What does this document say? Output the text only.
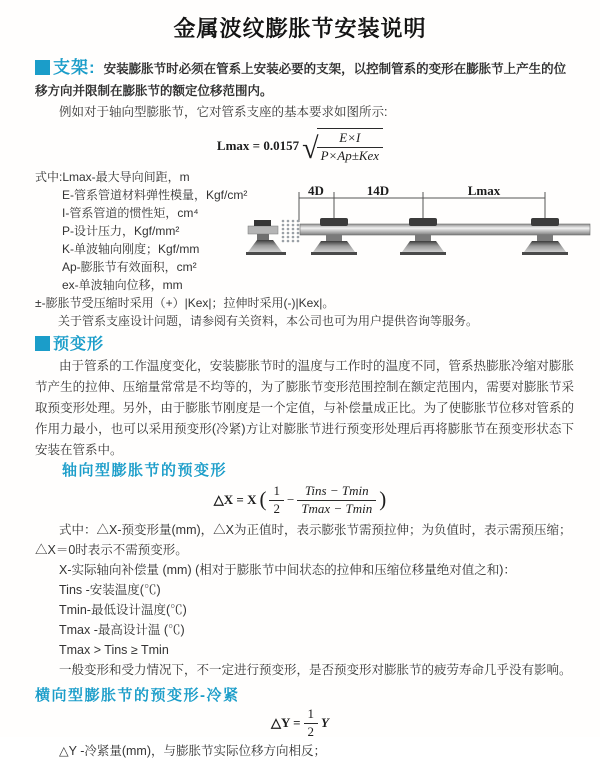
金属波纹膨胀节安装说明

支架: 安装膨胀节时必须在管系上安装必要的支架，以控制管系的变形在膨胀节上产生的位移方向并限制在膨胀节的额定位移范围内。

例如对于轴向型膨胀节，它对管系支座的基本要求如图所示:

Lmax = 0.0157 √
$\frac{E\times I}{\text{P×Ap±Kex}}$

式中:Lmax-最大导向间距，m

E-管系管道材料弹性模量，Kgf/cm²

I-管系管道的惯性矩，cm⁴

P-设计压力，Kgf/mm²

K-单波轴向刚度；Kgf/mm

Ap-膨胀节有效面积，cm²

ex-单波轴向位移，mm

4D	14D	Lmax

±-膨胀节受压缩时采用（+）|Kex|；拉伸时采用(-)|Kex|。

关于管系支座设计问题，请参阅有关资料，本公司也可为用户提供咨询等服务。

预变形

由于管系的工作温度变化，安装膨胀节时的温度与工作时的温度不同，管系热膨胀冷缩对膨胀节产生的拉伸、压缩量常常是不均等的，为了膨胀节变形范围控制在额定范围内，需要对膨胀节采取预变形处理。另外，由于膨胀节刚度是一个定值，与补偿量成正比。为了使膨胀节位移对管系的作用力最小，也可以采用预变形(冷紧)方让对膨胀节进行预变形处理后再将膨胀节在预变形状态下安装在管系中。

轴向型膨胀节的预变形

△X = X ( $\frac{1}{2} - \frac{\text{Tins − Tmin}}{Tmax - Tmin}$ )

式中：△X-预变形量(mm)，△X为正值时，表示膨张节需预拉伸；为负值时，表示需预压缩；△X＝0时表示不需预变形。

X-实际轴向补偿量 (mm) (相对于膨胀节中间状态的拉伸和压缩位移量绝对值之和)：

Tins -安装温度(℃)

Tmin-最低设计温度(℃)

Tmax -最高设计温 (℃)

Tmax > Tins ≥ Tmin

一般变形和受力情况下，不一定进行预变形，是否预变形对膨胀节的疲劳寿命几乎没有影响。

横向型膨胀节的预变形-冷紧

△Y = $\frac{1}{2}$ Y

△Y -冷紧量(mm)，与膨胀节实际位移方向相反；
